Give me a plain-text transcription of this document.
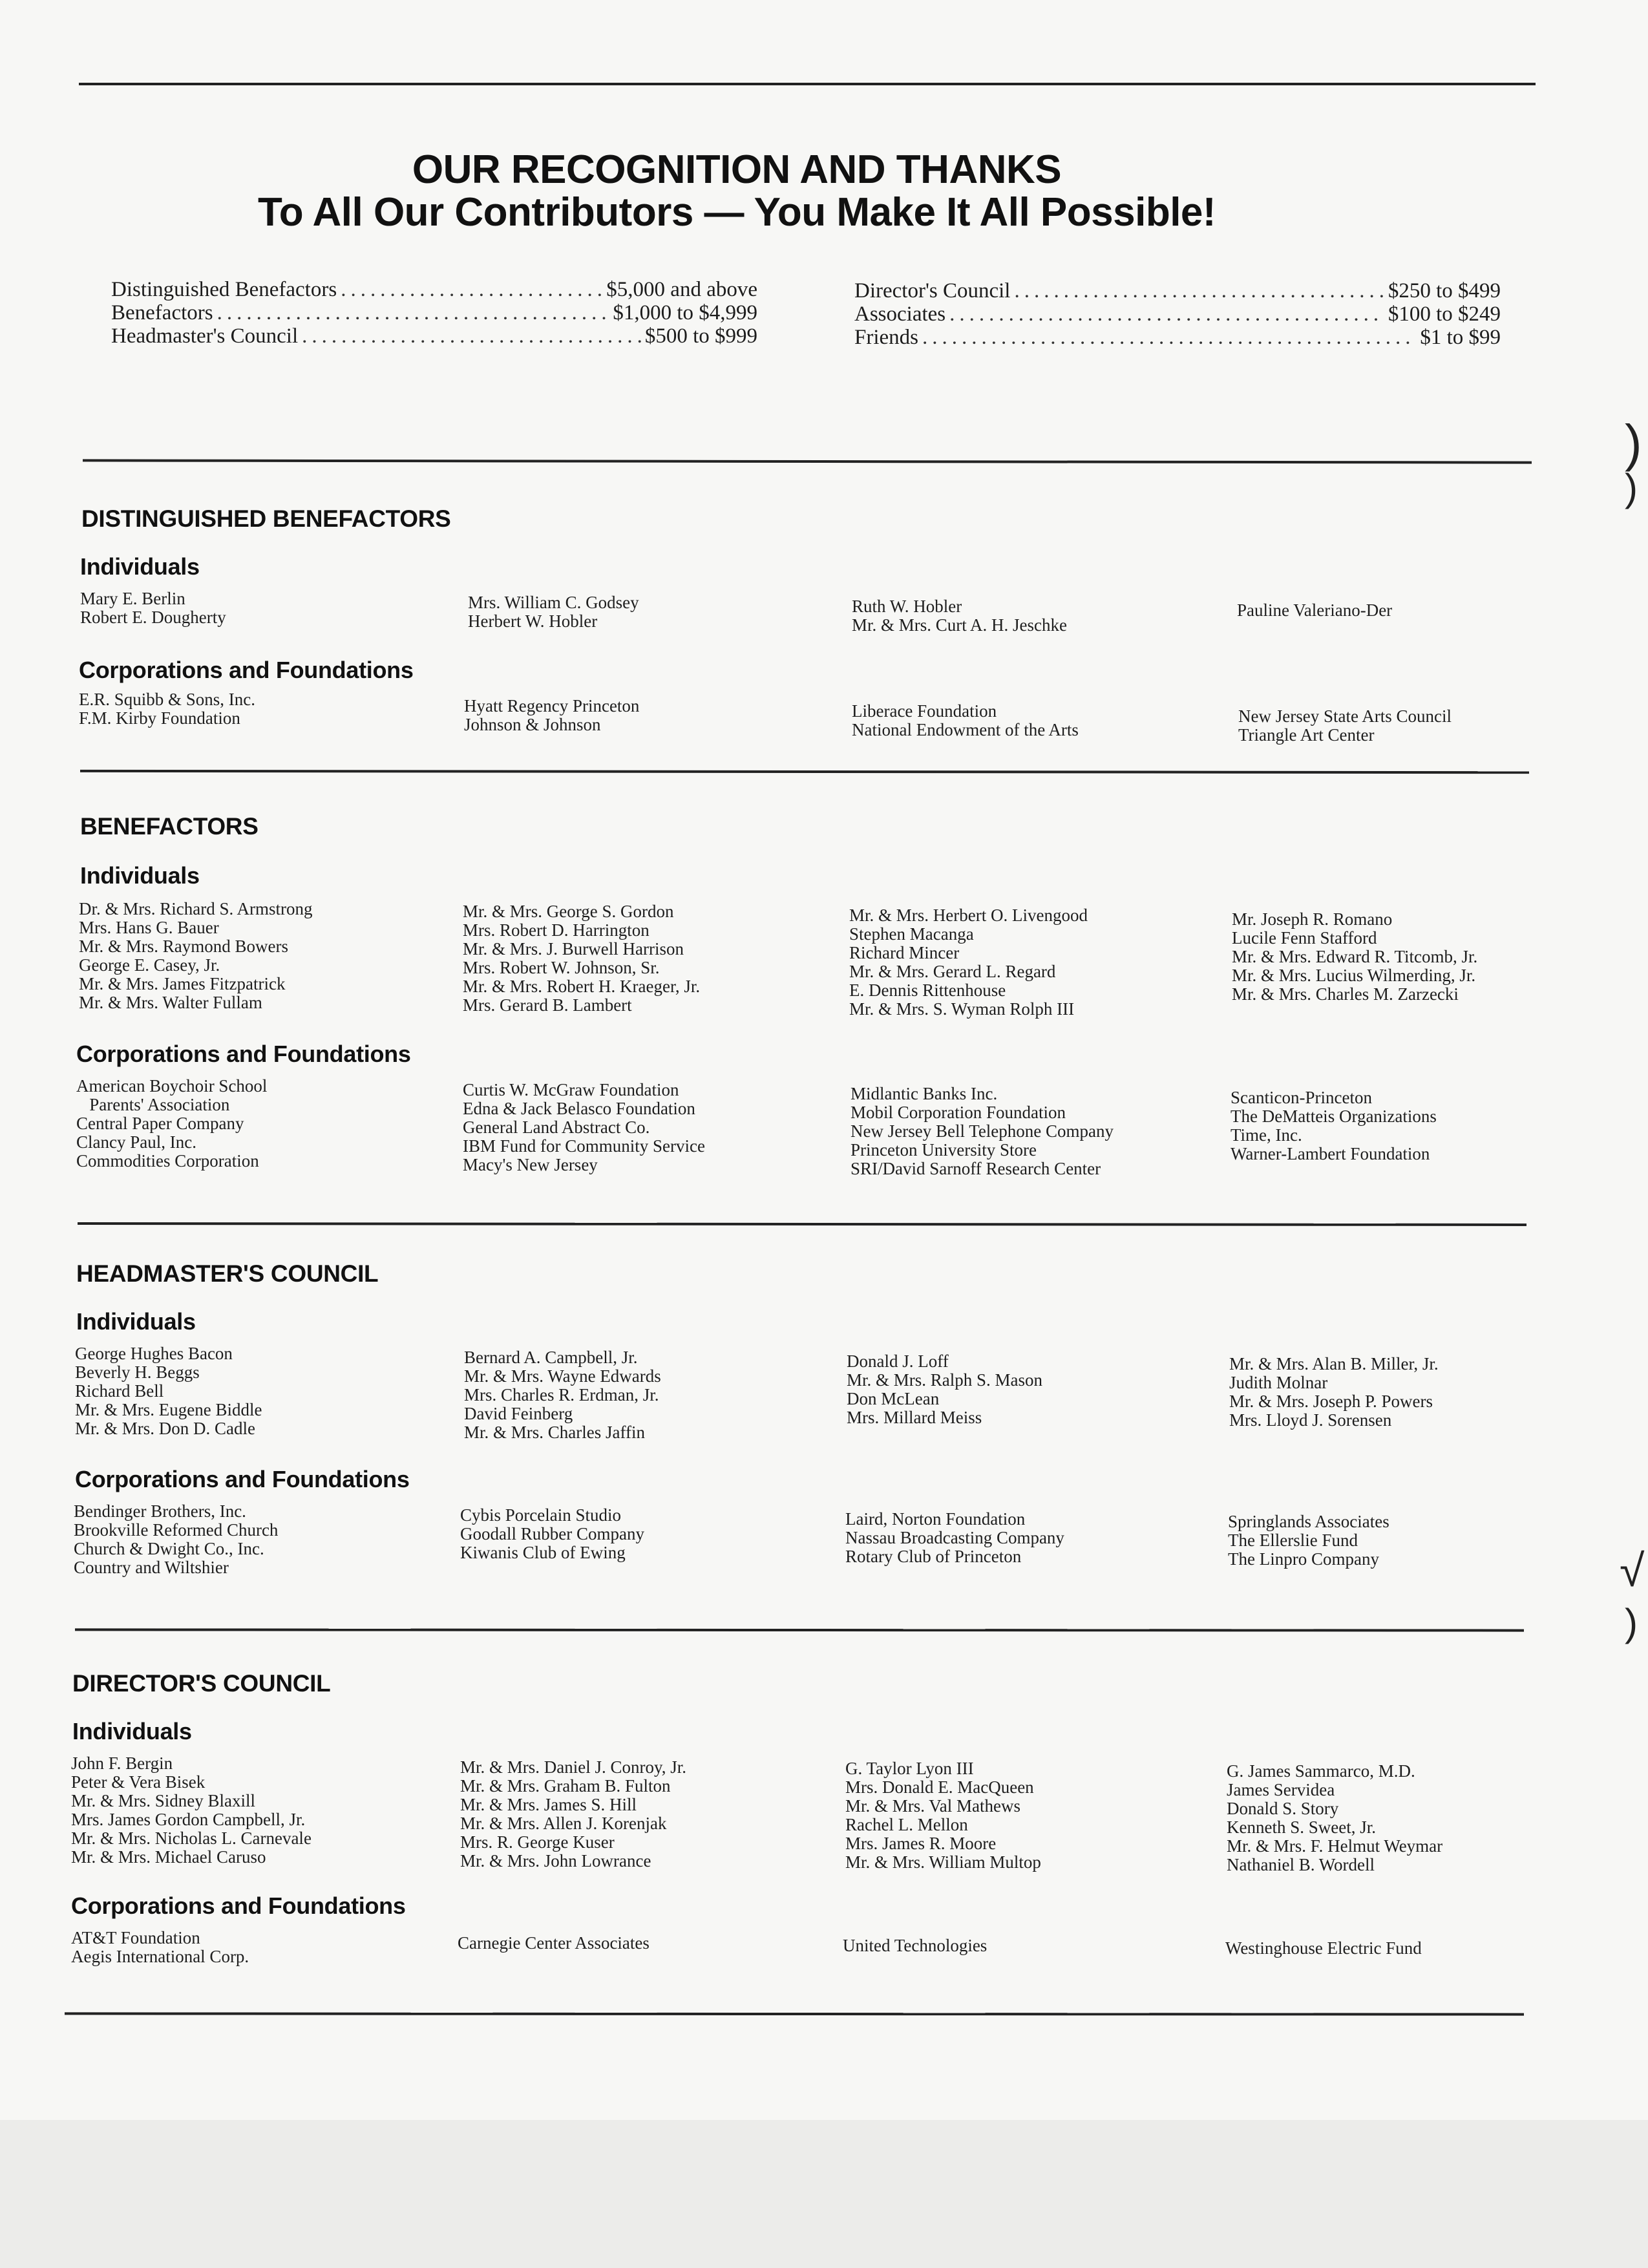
OUR RECOGNITION AND THANKS
To All Our Contributors — You Make It All Possible!
Distinguished Benefactors .....	$5,000 and above
Benefactors .....	$1,000 to $4,999
Headmaster's Council .....	$500 to $999
Director's Council .....	$250 to $499
Associates .....	$100 to $249
Friends .....	$1 to $99
DISTINGUISHED BENEFACTORS
Individuals
Mary E. Berlin
Robert E. Dougherty
Mrs. William C. Godsey
Herbert W. Hobler
Ruth W. Hobler
Mr. & Mrs. Curt A. H. Jeschke
Pauline Valeriano-Der
Corporations and Foundations
E.R. Squibb & Sons, Inc.
F.M. Kirby Foundation
Hyatt Regency Princeton
Johnson & Johnson
Liberace Foundation
National Endowment of the Arts
New Jersey State Arts Council
Triangle Art Center
BENEFACTORS
Individuals
Dr. & Mrs. Richard S. Armstrong
Mrs. Hans G. Bauer
Mr. & Mrs. Raymond Bowers
George E. Casey, Jr.
Mr. & Mrs. James Fitzpatrick
Mr. & Mrs. Walter Fullam
Mr. & Mrs. George S. Gordon
Mrs. Robert D. Harrington
Mr. & Mrs. J. Burwell Harrison
Mrs. Robert W. Johnson, Sr.
Mr. & Mrs. Robert H. Kraeger, Jr.
Mrs. Gerard B. Lambert
Mr. & Mrs. Herbert O. Livengood
Stephen Macanga
Richard Mincer
Mr. & Mrs. Gerard L. Regard
E. Dennis Rittenhouse
Mr. & Mrs. S. Wyman Rolph III
Mr. Joseph R. Romano
Lucile Fenn Stafford
Mr. & Mrs. Edward R. Titcomb, Jr.
Mr. & Mrs. Lucius Wilmerding, Jr.
Mr. & Mrs. Charles M. Zarzecki
Corporations and Foundations
American Boychoir School
Parents' Association
Central Paper Company
Clancy Paul, Inc.
Commodities Corporation
Curtis W. McGraw Foundation
Edna & Jack Belasco Foundation
General Land Abstract Co.
IBM Fund for Community Service
Macy's New Jersey
Midlantic Banks Inc.
Mobil Corporation Foundation
New Jersey Bell Telephone Company
Princeton University Store
SRI/David Sarnoff Research Center
Scanticon-Princeton
The DeMatteis Organizations
Time, Inc.
Warner-Lambert Foundation
HEADMASTER'S COUNCIL
Individuals
George Hughes Bacon
Beverly H. Beggs
Richard Bell
Mr. & Mrs. Eugene Biddle
Mr. & Mrs. Don D. Cadle
Bernard A. Campbell, Jr.
Mr. & Mrs. Wayne Edwards
Mrs. Charles R. Erdman, Jr.
David Feinberg
Mr. & Mrs. Charles Jaffin
Donald J. Loff
Mr. & Mrs. Ralph S. Mason
Don McLean
Mrs. Millard Meiss
Mr. & Mrs. Alan B. Miller, Jr.
Judith Molnar
Mr. & Mrs. Joseph P. Powers
Mrs. Lloyd J. Sorensen
Corporations and Foundations
Bendinger Brothers, Inc.
Brookville Reformed Church
Church & Dwight Co., Inc.
Country and Wiltshier
Cybis Porcelain Studio
Goodall Rubber Company
Kiwanis Club of Ewing
Laird, Norton Foundation
Nassau Broadcasting Company
Rotary Club of Princeton
Springlands Associates
The Ellerslie Fund
The Linpro Company
DIRECTOR'S COUNCIL
Individuals
John F. Bergin
Peter & Vera Bisek
Mr. & Mrs. Sidney Blaxill
Mrs. James Gordon Campbell, Jr.
Mr. & Mrs. Nicholas L. Carnevale
Mr. & Mrs. Michael Caruso
Mr. & Mrs. Daniel J. Conroy, Jr.
Mr. & Mrs. Graham B. Fulton
Mr. & Mrs. James S. Hill
Mr. & Mrs. Allen J. Korenjak
Mrs. R. George Kuser
Mr. & Mrs. John Lowrance
G. Taylor Lyon III
Mrs. Donald E. MacQueen
Mr. & Mrs. Val Mathews
Rachel L. Mellon
Mrs. James R. Moore
Mr. & Mrs. William Multop
G. James Sammarco, M.D.
James Servidea
Donald S. Story
Kenneth S. Sweet, Jr.
Mr. & Mrs. F. Helmut Weymar
Nathaniel B. Wordell
Corporations and Foundations
AT&T Foundation
Aegis International Corp.
Carnegie Center Associates	United Technologies	Westinghouse Electric Fund
)
)
√
)
